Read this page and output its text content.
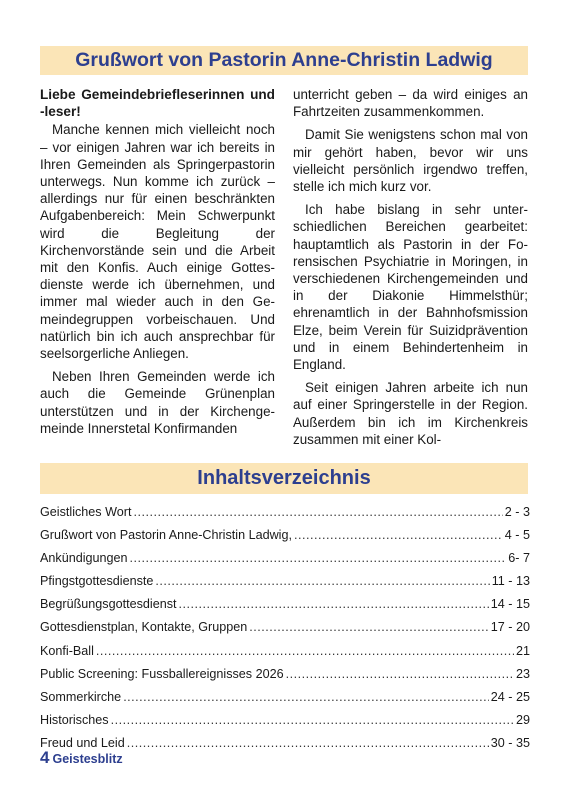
Grußwort von Pastorin Anne-Christin Ladwig

Liebe Gemeindebriefleserinnen und -leser!

Manche kennen mich vielleicht noch – vor einigen Jahren war ich bereits in Ihren Gemeinden als Springerpastorin unterwegs. Nun komme ich zurück – allerdings nur für einen beschränkten Aufgabenbereich: Mein Schwerpunkt wird die Begleitung der Kirchenvorstände sein und die Arbeit mit den Konfis. Auch einige Gottesdienste werde ich übernehmen, und immer mal wieder auch in den Gemeindegruppen vorbeischauen. Und natürlich bin ich auch ansprechbar für seelsorgerliche Anliegen.

Neben Ihren Gemeinden werde ich auch die Gemeinde Grünenplan unterstützen und in der Kirchengemeinde Innerstetal Konfirmanden

unterricht geben – da wird einiges an Fahrtzeiten zusammenkommen.

Damit Sie wenigstens schon mal von mir gehört haben, bevor wir uns vielleicht persönlich irgendwo treffen, stelle ich mich kurz vor.

Ich habe bislang in sehr unterschiedlichen Bereichen gearbeitet: hauptamtlich als Pastorin in der Forensischen Psychiatrie in Moringen, in verschiedenen Kirchengemeinden und in der Diakonie Himmelsthür; ehrenamtlich in der Bahnhofsmission Elze, beim Verein für Suizidprävention und in einem Behindertenheim in England.

Seit einigen Jahren arbeite ich nun auf einer Springerstelle in der Region. Außerdem bin ich im Kirchenkreis zusammen mit einer Kol-

Inhaltsverzeichnis
Geistliches Wort .....	2 - 3
Grußwort von Pastorin Anne-Christin Ladwig, .....	4 - 5
Ankündigungen .....	6- 7
Pfingstgottesdienste .....	11 - 13
Begrüßungsgottesdienst .....	14 - 15
Gottesdienstplan, Kontakte, Gruppen .....	17 - 20
Konfi-Ball .....	21
Public Screening: Fussballereignisses 2026 .....	23
Sommerkirche .....	24 - 25
Historisches .....	29
Freud und Leid .....	30 - 35
4 Geistesblitz
